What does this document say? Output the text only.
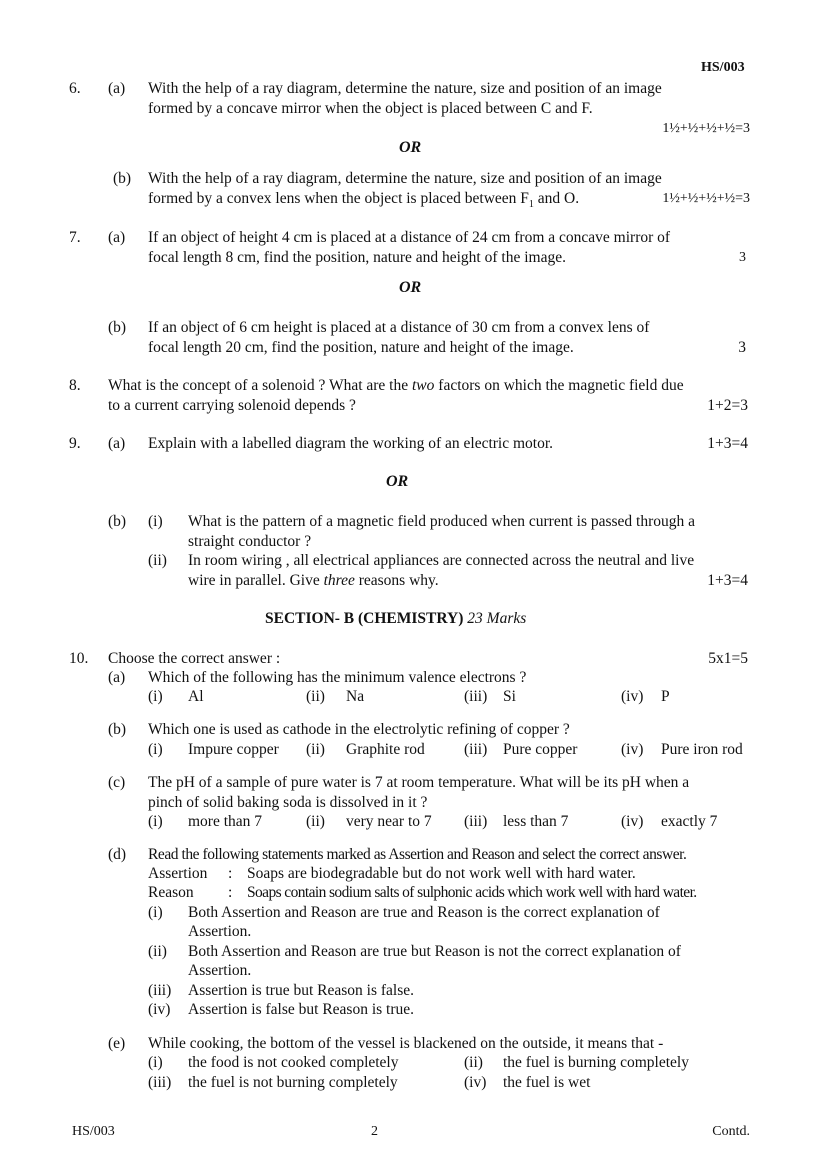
HS/003
6. (a) With the help of a ray diagram, determine the nature, size and position of an image
formed by a concave mirror when the object is placed between C and F.
1½+½+½+½=3
OR
(b) With the help of a ray diagram, determine the nature, size and position of an image
formed by a convex lens when the object is placed between $F_1$ and O.	1½+½+½+½=3
7. (a) If an object of height 4 cm is placed at a distance of 24 cm from a concave mirror of
focal length 8 cm, find the position, nature and height of the image.	3
OR
(b) If an object of 6 cm height is placed at a distance of 30 cm from a convex lens of
focal length 20 cm, find the position, nature and height of the image.	3
8. What is the concept of a solenoid ? What are the two factors on which the magnetic field due
to a current carrying solenoid depends ?	1+2=3
9. (a) Explain with a labelled diagram the working of an electric motor.	1+3=4
OR
(b) (i) What is the pattern of a magnetic field produced when current is passed through a
straight conductor ?
(ii) In room wiring , all electrical appliances are connected across the neutral and live
wire in parallel. Give three reasons why.	1+3=4
SECTION- B (CHEMISTRY) 23 Marks
10. Choose the correct answer :	5x1=5
(a) Which of the following has the minimum valence electrons ?
(i) Al	(ii) Na	(iii) Si	(iv) P
(b) Which one is used as cathode in the electrolytic refining of copper ?
(i) Impure copper (ii) Graphite rod	(iii) Pure copper	(iv) Pure iron rod
(c) The pH of a sample of pure water is 7 at room temperature. What will be its pH when a
pinch of solid baking soda is dissolved in it ?
(i) more than 7	(ii) very near to 7 (iii) less than 7	(iv) exactly 7
(d) Read the following statements marked as Assertion and Reason and select the correct answer.
Assertion : Soaps are biodegradable but do not work well with hard water.
Reason : Soaps contain sodium salts of sulphonic acids which work well with hard water.
(i) Both Assertion and Reason are true and Reason is the correct explanation of
Assertion.
(ii) Both Assertion and Reason are true but Reason is not the correct explanation of
Assertion.
(iii) Assertion is true but Reason is false.
(iv) Assertion is false but Reason is true.
(e) While cooking, the bottom of the vessel is blackened on the outside, it means that -
(i) the food is not cooked completely	(ii) the fuel is burning completely
(iii) the fuel is not burning completely	(iv) the fuel is wet
HS/003	2	Contd.
